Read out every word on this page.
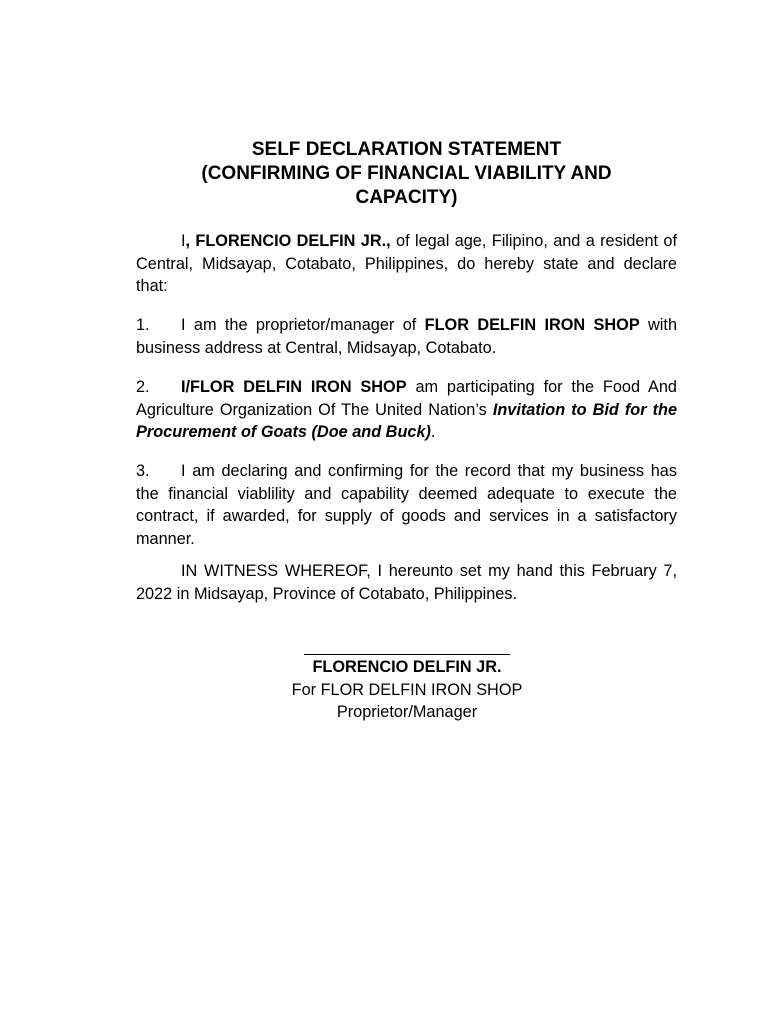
SELF DECLARATION STATEMENT
(CONFIRMING OF FINANCIAL VIABILITY AND
CAPACITY)

I, FLORENCIO DELFIN JR., of legal age, Filipino, and a resident of Central, Midsayap, Cotabato, Philippines, do hereby state and declare that:

1. I am the proprietor/manager of FLOR DELFIN IRON SHOP with business address at Central, Midsayap, Cotabato.

2. I/FLOR DELFIN IRON SHOP am participating for the Food And Agriculture Organization Of The United Nation’s Invitation to Bid for the Procurement of Goats (Doe and Buck).

3. I am declaring and confirming for the record that my business has the financial viablility and capability deemed adequate to execute the contract, if awarded, for supply of goods and services in a satisfactory manner.

IN WITNESS WHEREOF, I hereunto set my hand this February 7, 2022 in Midsayap, Province of Cotabato, Philippines.

FLORENCIO DELFIN JR.
For FLOR DELFIN IRON SHOP
Proprietor/Manager
